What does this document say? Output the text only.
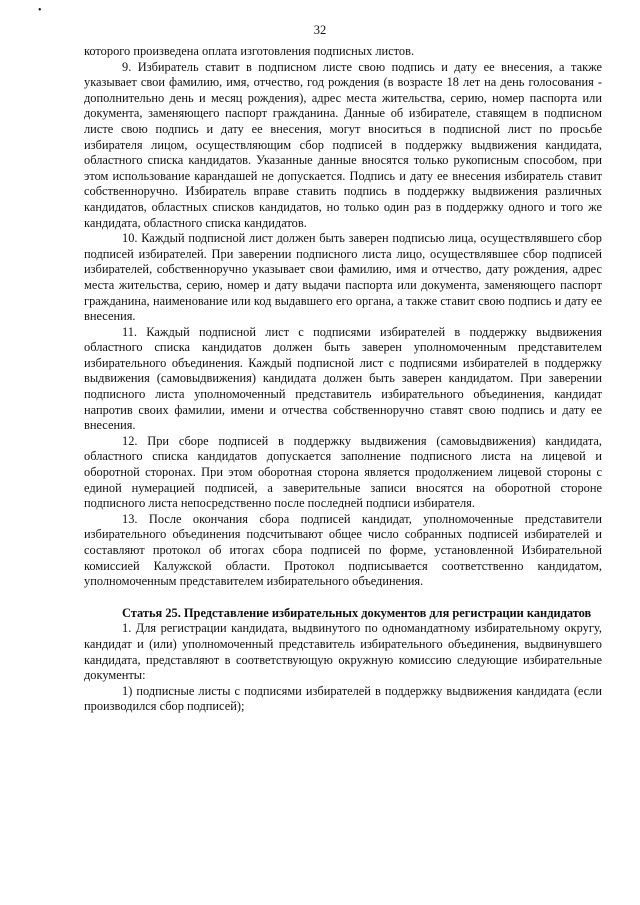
•
32

которого произведена оплата изготовления подписных листов.

9. Избиратель ставит в подписном листе свою подпись и дату ее внесения, а также указывает свои фамилию, имя, отчество, год рождения (в возрасте 18 лет на день голосования - дополнительно день и месяц рождения), адрес места жительства, серию, номер паспорта или документа, заменяющего паспорт гражданина. Данные об избирателе, ставящем в подписном листе свою подпись и дату ее внесения, могут вноситься в подписной лист по просьбе избирателя лицом, осуществляющим сбор подписей в поддержку выдвижения кандидата, областного списка кандидатов. Указанные данные вносятся только рукописным способом, при этом использование карандашей не допускается. Подпись и дату ее внесения избиратель ставит собственноручно. Избиратель вправе ставить подпись в поддержку выдвижения различных кандидатов, областных списков кандидатов, но только один раз в поддержку одного и того же кандидата, областного списка кандидатов.

10. Каждый подписной лист должен быть заверен подписью лица, осуществлявшего сбор подписей избирателей. При заверении подписного листа лицо, осуществлявшее сбор подписей избирателей, собственноручно указывает свои фамилию, имя и отчество, дату рождения, адрес места жительства, серию, номер и дату выдачи паспорта или документа, заменяющего паспорт гражданина, наименование или код выдавшего его органа, а также ставит свою подпись и дату ее внесения.

11. Каждый подписной лист с подписями избирателей в поддержку выдвижения областного списка кандидатов должен быть заверен уполномоченным представителем избирательного объединения. Каждый подписной лист с подписями избирателей в поддержку выдвижения (самовыдвижения) кандидата должен быть заверен кандидатом. При заверении подписного листа уполномоченный представитель избирательного объединения, кандидат напротив своих фамилии, имени и отчества собственноручно ставят свою подпись и дату ее внесения.

12. При сборе подписей в поддержку выдвижения (самовыдвижения) кандидата, областного списка кандидатов допускается заполнение подписного листа на лицевой и оборотной сторонах. При этом оборотная сторона является продолжением лицевой стороны с единой нумерацией подписей, а заверительные записи вносятся на оборотной стороне подписного листа непосредственно после последней подписи избирателя.

13. После окончания сбора подписей кандидат, уполномоченные представители избирательного объединения подсчитывают общее число собранных подписей избирателей и составляют протокол об итогах сбора подписей по форме, установленной Избирательной комиссией Калужской области. Протокол подписывается соответственно кандидатом, уполномоченным представителем избирательного объединения.

Статья 25. Представление избирательных документов для регистрации кандидатов

1. Для регистрации кандидата, выдвинутого по одномандатному избирательному округу, кандидат и (или) уполномоченный представитель избирательного объединения, выдвинувшего кандидата, представляют в соответствующую окружную комиссию следующие избирательные документы:

1) подписные листы с подписями избирателей в поддержку выдвижения кандидата (если производился сбор подписей);
